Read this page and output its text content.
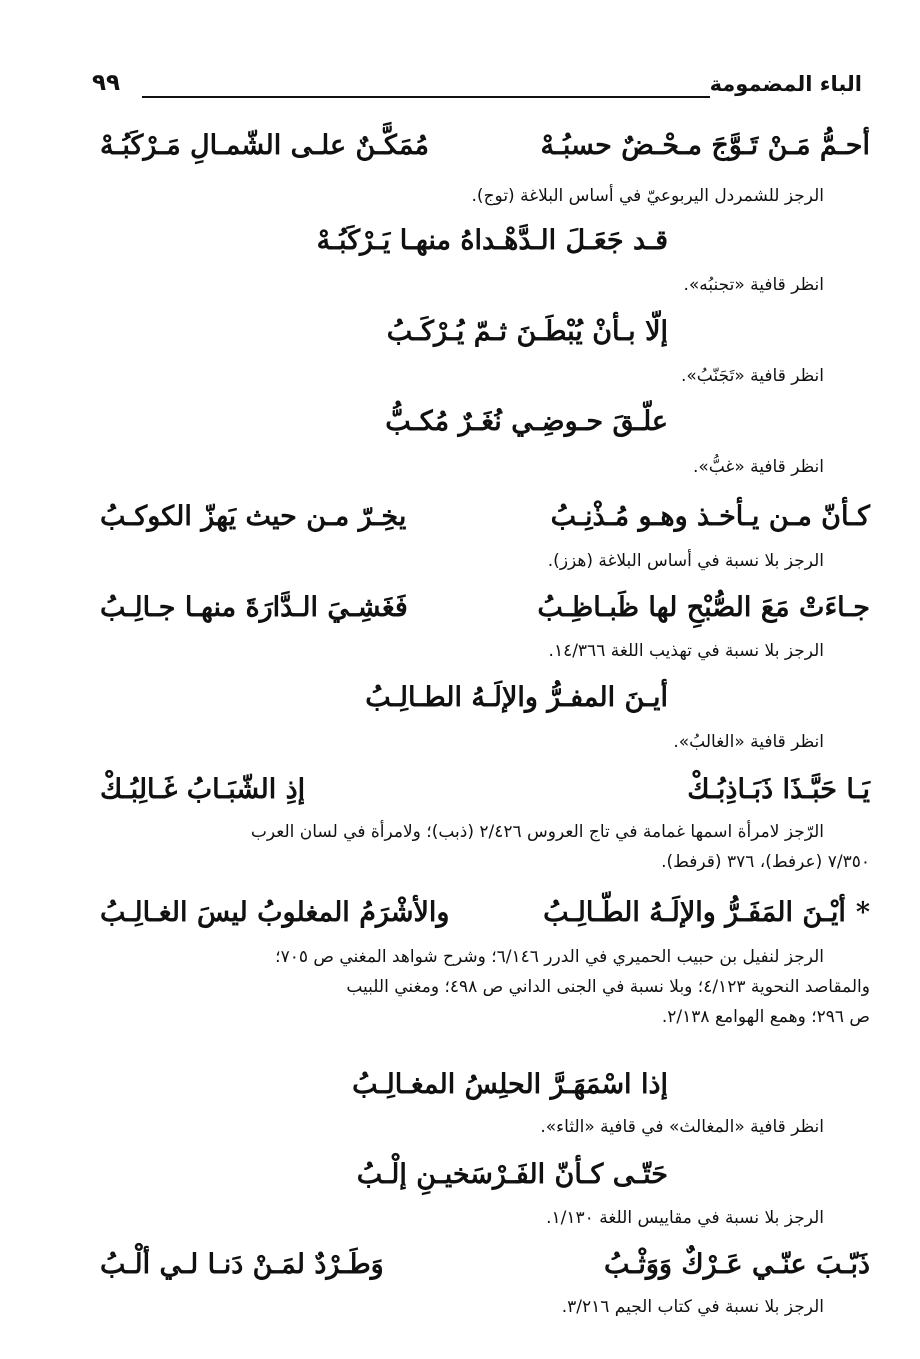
الباء المضمومة
٩٩
أحـمُّ مَـنْ تَـوَّجَ مـحْـضٌ حسبُـهْ
مُمَكَّـنٌ علـى الشّمـالِ مَـرْكَبُـهْ
الرجز للشمردل اليربوعيّ في أساس البلاغة (توج).
قـد جَعَـلَ الـدَّهْـداهُ منهـا يَـرْكَبُـهْ
انظر قافية «تجنبُه».
إلّا بـأنْ يُبْطَـنَ ثـمّ يُـرْكَـبُ
انظر قافية «تَجَنّبُ».
علّـقَ حـوضِـي نُغَـرٌ مُكـبُّ
انظر قافية «غبُّ».
كـأنّ مـن يـأخـذ وهـو مُـذْنِـبُ
يخِـرّ مـن حيث يَهزّ الكوكـبُ
الرجز بلا نسبة في أساس البلاغة (هزز).
جـاءَتْ مَعَ الصُّبْحِ لها ظَبـاظِـبُ
فَغَشِـيَ الـدَّارَةَ منهـا جـالِـبُ
الرجز بلا نسبة في تهذيب اللغة ١٤/٣٦٦.
أيـنَ المفـرُّ والإلَـهُ الطـالِـبُ
انظر قافية «الغالبُ».
يَـا حَبَّـذَا ذَبَـاذِبُـكْ
إذِ الشّبَـابُ غَـالِبُـكْ
الرّجز لامرأة اسمها غمامة في تاج العروس ٢/٤٢٦ (ذبب)؛ ولامرأة في لسان العرب
٧/٣٥٠ (عرفط)، ٣٧٦ (قرفط).
*أيْـنَ المَفَـرُّ والإلَـهُ الطّـالِـبُ
والأشْرَمُ المغلوبُ ليسَ الغـالِـبُ
الرجز لنفيل بن حبيب الحميري في الدرر ٦/١٤٦؛ وشرح شواهد المغني ص ٧٠٥؛
والمقاصد النحوية ٤/١٢٣؛ وبلا نسبة في الجنى الداني ص ٤٩٨؛ ومغني اللبيب
ص ٢٩٦؛ وهمع الهوامع ٢/١٣٨.
إذا اسْمَهَـرَّ الحلِسُ المغـالِـبُ
انظر قافية «المغالث» في قافية «الثاء».
حَتّـى كـأنّ الفَـرْسَخيـنِ إلْـبُ
الرجز بلا نسبة في مقاييس اللغة ١/١٣٠.
ذَبّـبَ عنّـي عَـرْكٌ وَوَثْـبُ
وَطَـرْدٌ لمَـنْ دَنـا لـي ألْـبُ
الرجز بلا نسبة في كتاب الجيم ٣/٢١٦.
